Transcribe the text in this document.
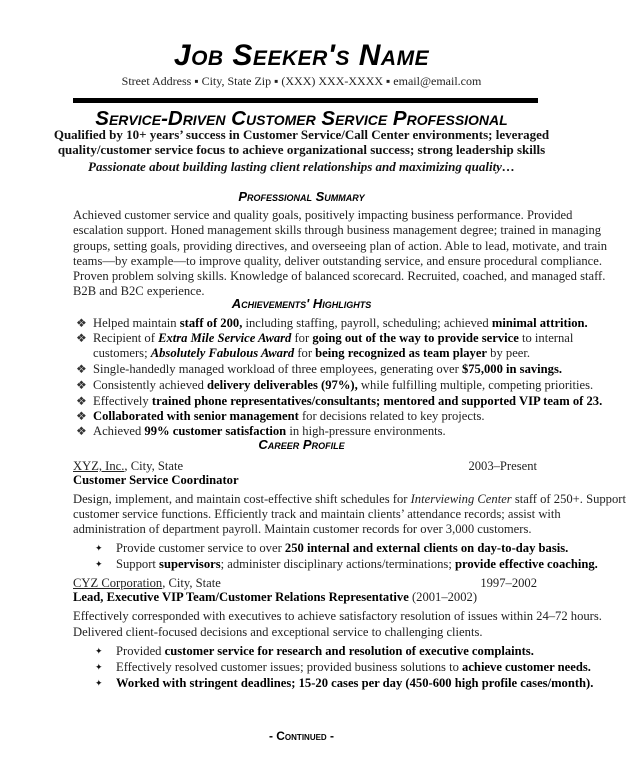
Job Seeker's Name
Street Address ▪ City, State Zip ▪ (XXX) XXX-XXXX ▪ email@email.com
Service-Driven Customer Service Professional
Qualified by 10+ years’ success in Customer Service/Call Center environments; leveraged
quality/customer service focus to achieve organizational success; strong leadership skills
Passionate about building lasting client relationships and maximizing quality…
Professional Summary
Achieved customer service and quality goals, positively impacting business performance. Provided
escalation support. Honed management skills through business management degree; trained in managing
groups, setting goals, providing directives, and overseeing plan of action. Able to lead, motivate, and train
teams—by example—to improve quality, deliver outstanding service, and ensure procedural compliance.
Proven problem solving skills. Knowledge of balanced scorecard. Recruited, coached, and managed staff.
B2B and B2C experience.
Achievements' Highlights
❖ Helped maintain staff of 200, including staffing, payroll, scheduling; achieved minimal attrition.
❖ Recipient of Extra Mile Service Award for going out of the way to provide service to internal
customers; Absolutely Fabulous Award for being recognized as team player by peer.
❖ Single-handedly managed workload of three employees, generating over $75,000 in savings.
❖ Consistently achieved delivery deliverables (97%), while fulfilling multiple, competing priorities.
❖ Effectively trained phone representatives/consultants; mentored and supported VIP team of 23.
❖ Collaborated with senior management for decisions related to key projects.
❖ Achieved 99% customer satisfaction in high-pressure environments.
Career Profile
XYZ, Inc., City, State	2003–Present
Customer Service Coordinator
Design, implement, and maintain cost-effective shift schedules for Interviewing Center staff of 250+. Support
customer service functions. Efficiently track and maintain clients’ attendance records; assist with
administration of department payroll. Maintain customer records for over 3,000 customers.
✦ Provide customer service to over 250 internal and external clients on day-to-day basis.
✦ Support supervisors; administer disciplinary actions/terminations; provide effective coaching.
CYZ Corporation, City, State	1997–2002
Lead, Executive VIP Team/Customer Relations Representative (2001–2002)
Effectively corresponded with executives to achieve satisfactory resolution of issues within 24–72 hours.
Delivered client-focused decisions and exceptional service to challenging clients.
✦ Provided customer service for research and resolution of executive complaints.
✦ Effectively resolved customer issues; provided business solutions to achieve customer needs.
✦ Worked with stringent deadlines; 15-20 cases per day (450-600 high profile cases/month).
- Continued -
